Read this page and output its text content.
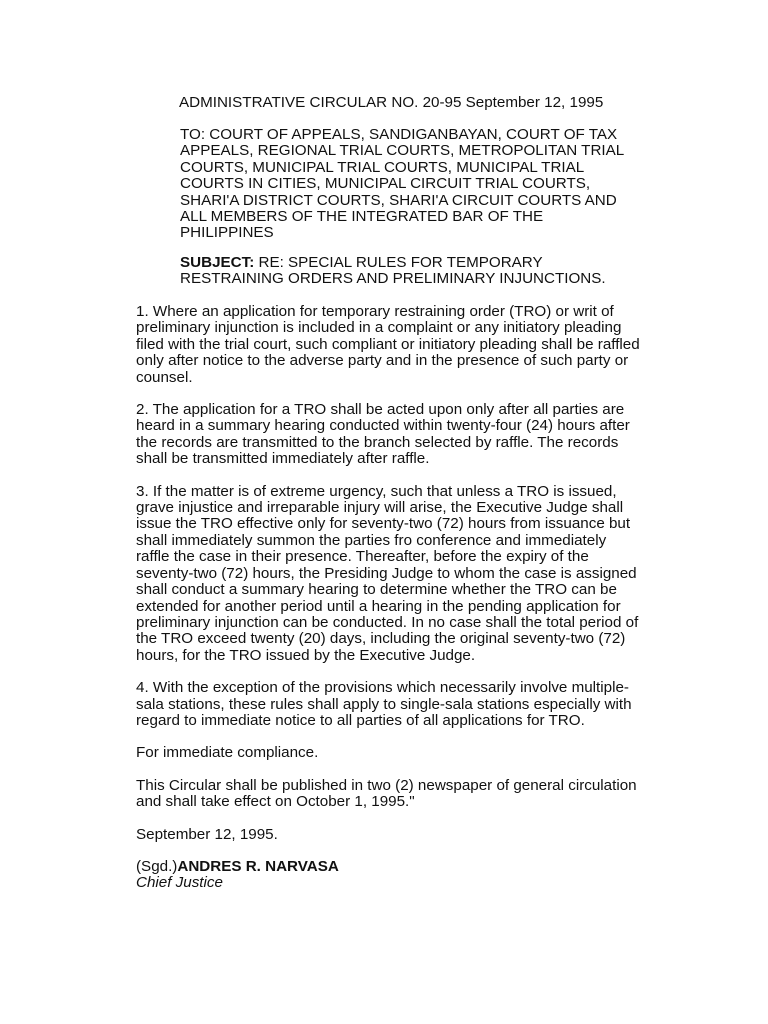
ADMINISTRATIVE CIRCULAR NO. 20-95 September 12, 1995
TO: COURT OF APPEALS, SANDIGANBAYAN, COURT OF TAX
APPEALS, REGIONAL TRIAL COURTS, METROPOLITAN TRIAL
COURTS, MUNICIPAL TRIAL COURTS, MUNICIPAL TRIAL
COURTS IN CITIES, MUNICIPAL CIRCUIT TRIAL COURTS,
SHARI'A DISTRICT COURTS, SHARI'A CIRCUIT COURTS AND
ALL MEMBERS OF THE INTEGRATED BAR OF THE
PHILIPPINES
SUBJECT: RE: SPECIAL RULES FOR TEMPORARY
RESTRAINING ORDERS AND PRELIMINARY INJUNCTIONS.

1. Where an application for temporary restraining order (TRO) or writ of
preliminary injunction is included in a complaint or any initiatory pleading
filed with the trial court, such compliant or initiatory pleading shall be raffled
only after notice to the adverse party and in the presence of such party or
counsel.

2. The application for a TRO shall be acted upon only after all parties are
heard in a summary hearing conducted within twenty-four (24) hours after
the records are transmitted to the branch selected by raffle. The records
shall be transmitted immediately after raffle.

3. If the matter is of extreme urgency, such that unless a TRO is issued,
grave injustice and irreparable injury will arise, the Executive Judge shall
issue the TRO effective only for seventy-two (72) hours from issuance but
shall immediately summon the parties fro conference and immediately
raffle the case in their presence. Thereafter, before the expiry of the
seventy-two (72) hours, the Presiding Judge to whom the case is assigned
shall conduct a summary hearing to determine whether the TRO can be
extended for another period until a hearing in the pending application for
preliminary injunction can be conducted. In no case shall the total period of
the TRO exceed twenty (20) days, including the original seventy-two (72)
hours, for the TRO issued by the Executive Judge.

4. With the exception of the provisions which necessarily involve multiple-
sala stations, these rules shall apply to single-sala stations especially with
regard to immediate notice to all parties of all applications for TRO.

For immediate compliance.

This Circular shall be published in two (2) newspaper of general circulation
and shall take effect on October 1, 1995."

September 12, 1995.

(Sgd.)ANDRES R. NARVASA
Chief Justice
